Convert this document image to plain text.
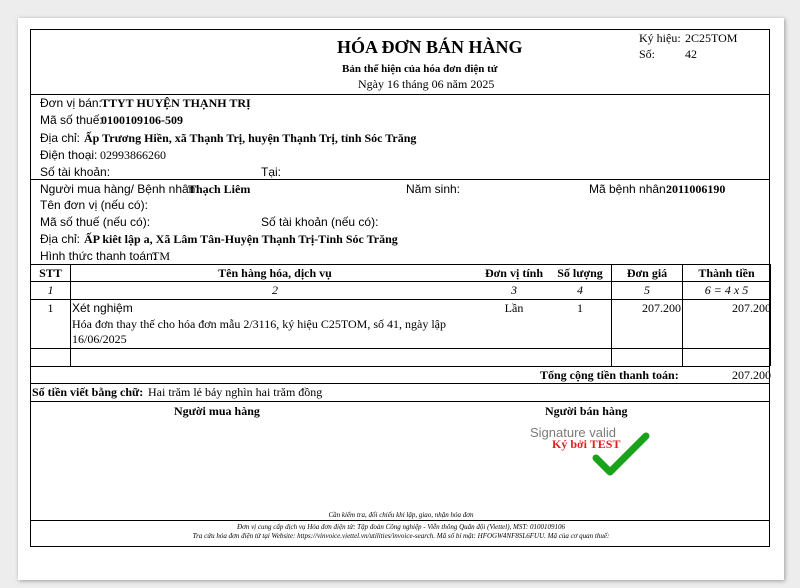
HÓA ĐƠN BÁN HÀNG
Bản thể hiện của hóa đơn điện tử
Ngày 16 tháng 06 năm 2025
Ký hiệu: 2C25TOM
Số: 42
Đơn vị bán: TTYT HUYỆN THẠNH TRỊ
Mã số thuế:
0100109106-509
Địa chỉ: Ấp Trương Hiền, xã Thạnh Trị, huyện Thạnh Trị, tỉnh Sóc Trăng
Điện thoại: 02993866260
Số tài khoản:	Tại:
Người mua hàng/ Bệnh nhân:
Thạch Liêm	Năm sinh:	Mã bệnh nhân:
2011006190
Tên đơn vị (nếu có):
Mã số thuế (nếu có):	Số tài khoản (nếu có):
Địa chỉ: ẤP kiêt lập a, Xã Lâm Tân-Huyện Thạnh Trị-Tỉnh Sóc Trăng
Hình thức thanh toán:
TM
STT	Tên hàng hóa, dịch vụ	Đơn vị tính	Số lượng	Đơn giá	Thành tiền
1	2	3	4	5	6 = 4 x 5
1	Xét nghiệm	Lần	1	207.200	207.200
Hóa đơn thay thế cho hóa đơn mẫu 2/3116, ký hiệu C25TOM, số 41, ngày lập 16/06/2025
Tổng cộng tiền thanh toán:	207.200
Số tiền viết bằng chữ: Hai trăm lẻ bảy nghìn hai trăm đồng
Người mua hàng	Người bán hàng
Signature valid
Ký bởi TEST
Cần kiểm tra, đối chiếu khi lập, giao, nhận hóa đơn
Đơn vị cung cấp dịch vụ Hóa đơn điện tử: Tập đoàn Công nghiệp - Viễn thông Quân đội (Viettel), MST: 0100109106
Tra cứu hóa đơn điện tử tại Website: https://vinvoice.viettel.vn/utilities/invoice-search. Mã số bí mật: HFOGW4NF8SL6FUU. Mã của cơ quan thuế:
